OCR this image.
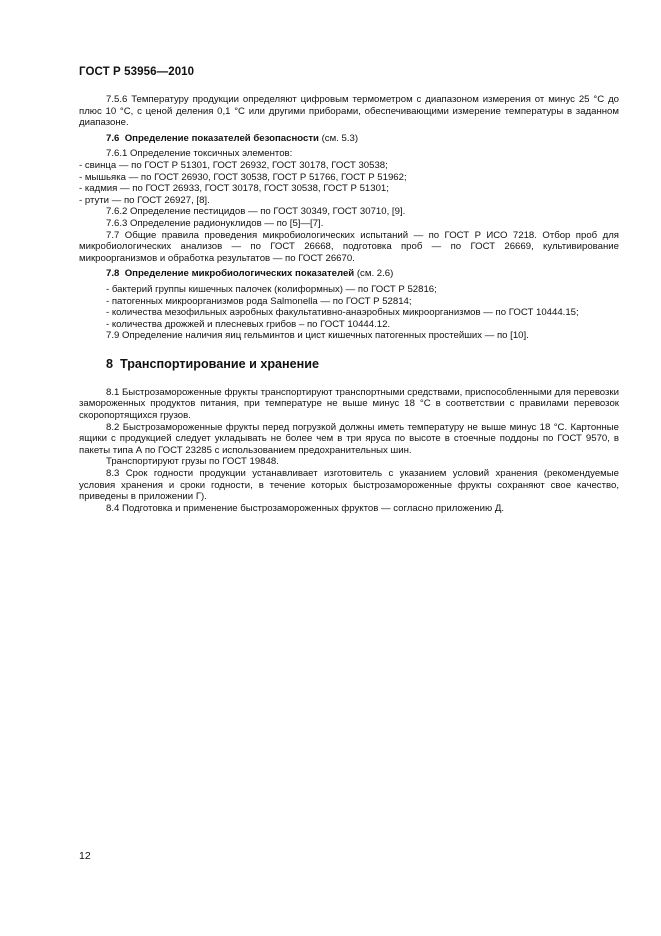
ГОСТ Р 53956—2010

7.5.6 Температуру продукции определяют цифровым термометром с диапазоном измерения от минус 25 °С до плюс 10 °С, с ценой деления 0,1 °С или другими приборами, обеспечивающими измерение температуры в заданном диапазоне.

7.6 Определение показателей безопасности (см. 5.3)

7.6.1 Определение токсичных элементов:

- свинца — по ГОСТ Р 51301, ГОСТ 26932, ГОСТ 30178, ГОСТ 30538;

- мышьяка — по ГОСТ 26930, ГОСТ 30538, ГОСТ Р 51766, ГОСТ Р 51962;

- кадмия — по ГОСТ 26933, ГОСТ 30178, ГОСТ 30538, ГОСТ Р 51301;

- ртути — по ГОСТ 26927, [8].

7.6.2 Определение пестицидов — по ГОСТ 30349, ГОСТ 30710, [9].

7.6.3 Определение радионуклидов — по [5]—[7].

7.7 Общие правила проведения микробиологических испытаний — по ГОСТ Р ИСО 7218. Отбор проб для микробиологических анализов — по ГОСТ 26668, подготовка проб — по ГОСТ 26669, культивирование микроорганизмов и обработка результатов — по ГОСТ 26670.

7.8 Определение микробиологических показателей (см. 2.6)

- бактерий группы кишечных палочек (колиформных) — по ГОСТ Р 52816;

- патогенных микроорганизмов рода Salmonella — по ГОСТ Р 52814;

- количества мезофильных аэробных факультативно-анаэробных микроорганизмов — по ГОСТ 10444.15;

- количества дрожжей и плесневых грибов – по ГОСТ 10444.12.

7.9 Определение наличия яиц гельминтов и цист кишечных патогенных простейших — по [10].

8 Транспортирование и хранение

8.1 Быстрозамороженные фрукты транспортируют транспортными средствами, приспособленными для перевозки замороженных продуктов питания, при температуре не выше минус 18 °С в соответствии с правилами перевозок скоропортящихся грузов.

8.2 Быстрозамороженные фрукты перед погрузкой должны иметь температуру не выше минус 18 °С. Картонные ящики с продукцией следует укладывать не более чем в три яруса по высоте в стоечные поддоны по ГОСТ 9570, в пакеты типа А по ГОСТ 23285 с использованием предохранительных шин.

Транспортируют грузы по ГОСТ 19848.

8.3 Срок годности продукции устанавливает изготовитель с указанием условий хранения (рекомендуемые условия хранения и сроки годности, в течение которых быстрозамороженные фрукты сохраняют свое качество, приведены в приложении Г).

8.4 Подготовка и применение быстрозамороженных фруктов — согласно приложению Д.

12
